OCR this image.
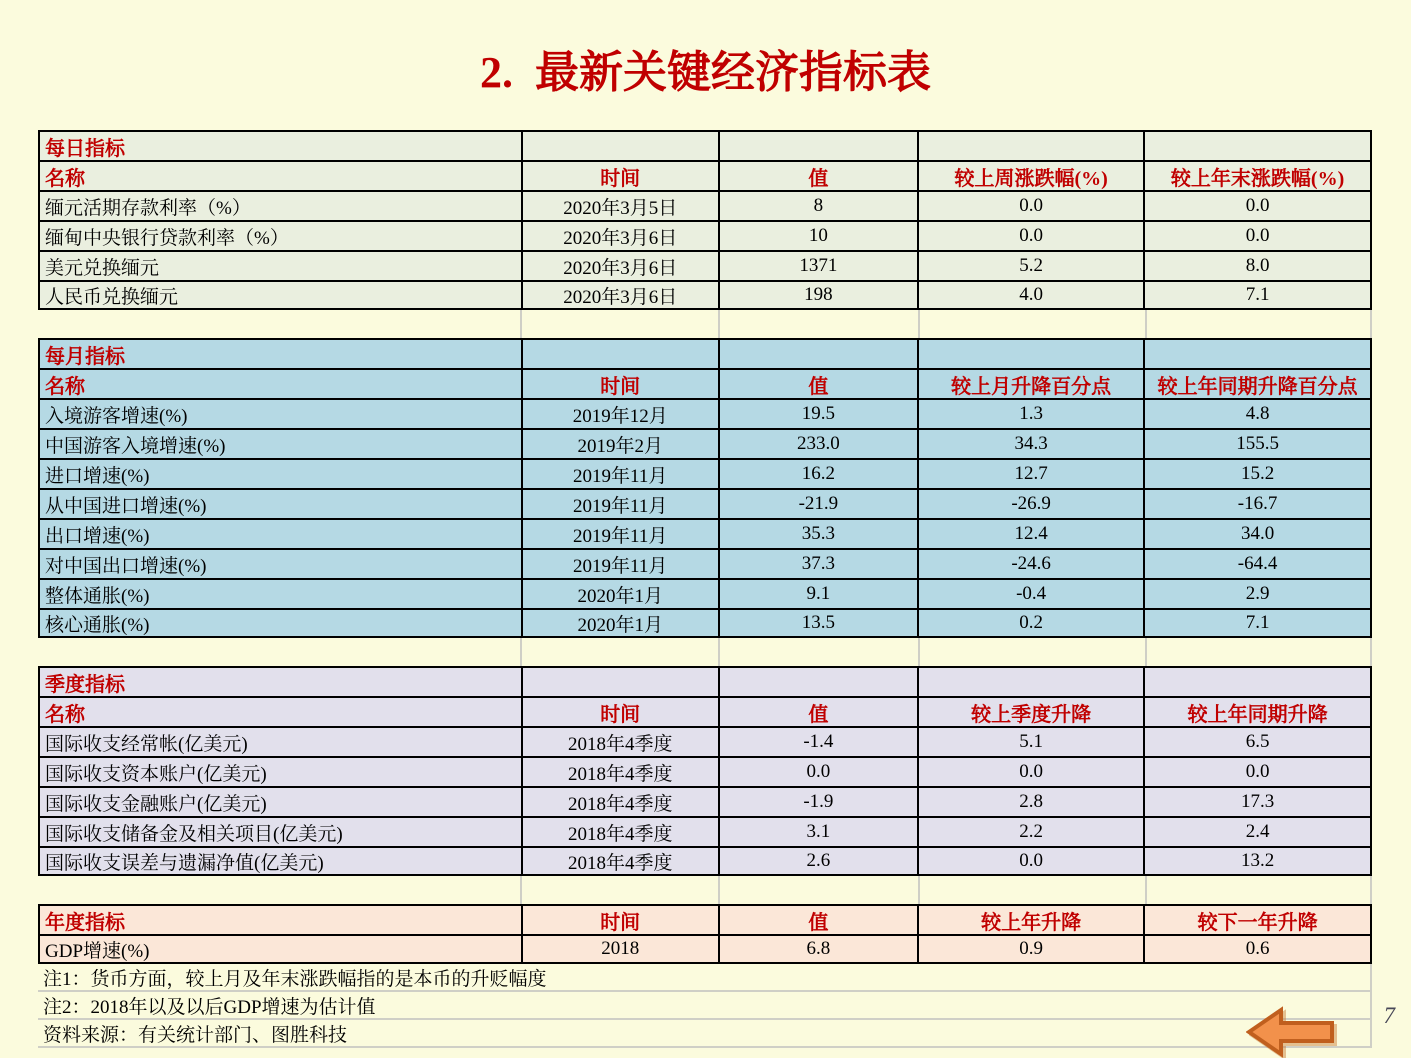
2.  最新关键经济指标表
每日指标
名称	时间	值	较上周涨跌幅(%)	较上年末涨跌幅(%)
缅元活期存款利率（%）	2020年3月5日	8	0.0	0.0
缅甸中央银行贷款利率（%）	2020年3月6日	10	0.0	0.0
美元兑换缅元	2020年3月6日	1371	5.2	8.0
人民币兑换缅元	2020年3月6日	198	4.0	7.1
每月指标
名称	时间	值	较上月升降百分点	较上年同期升降百分点
入境游客增速(%)	2019年12月	19.5	1.3	4.8
中国游客入境增速(%)	2019年2月	233.0	34.3	155.5
进口增速(%)	2019年11月	16.2	12.7	15.2
从中国进口增速(%)	2019年11月	-21.9	-26.9	-16.7
出口增速(%)	2019年11月	35.3	12.4	34.0
对中国出口增速(%)	2019年11月	37.3	-24.6	-64.4
整体通胀(%)	2020年1月	9.1	-0.4	2.9
核心通胀(%)	2020年1月	13.5	0.2	7.1
季度指标
名称	时间	值	较上季度升降	较上年同期升降
国际收支经常帐(亿美元)	2018年4季度	-1.4	5.1	6.5
国际收支资本账户(亿美元)	2018年4季度	0.0	0.0	0.0
国际收支金融账户(亿美元)	2018年4季度	-1.9	2.8	17.3
国际收支储备金及相关项目(亿美元)	2018年4季度	3.1	2.2	2.4
国际收支误差与遗漏净值(亿美元)	2018年4季度	2.6	0.0	13.2
年度指标	时间	值	较上年升降	较下一年升降
GDP增速(%)	2018	6.8	0.9	0.6
注1：货币方面，较上月及年末涨跌幅指的是本币的升贬幅度
注2：2018年以及以后GDP增速为估计值
资料来源：有关统计部门、图胜科技
7
